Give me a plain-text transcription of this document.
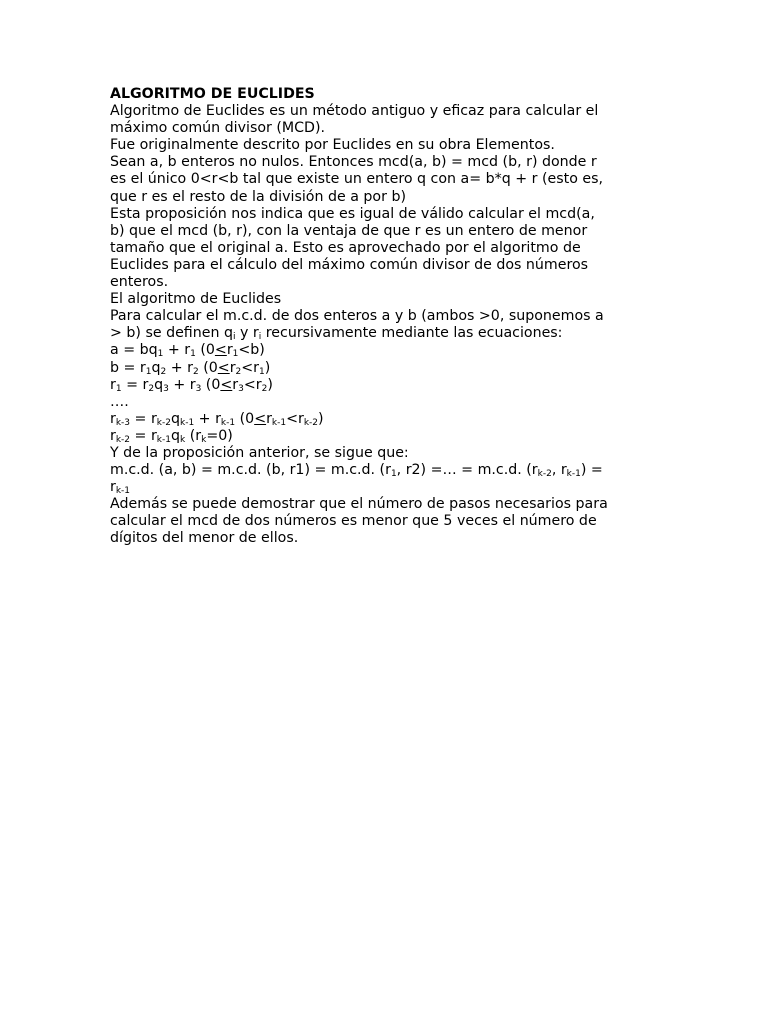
ALGORITMO DE EUCLIDES

Algoritmo de Euclides es un método antiguo y eficaz para calcular el

máximo común divisor (MCD).

Fue originalmente descrito por Euclides en su obra Elementos.

Sean a, b enteros no nulos. Entonces mcd(a, b) = mcd (b, r) donde r

es el único 0<r<b tal que existe un entero q con a= b*q + r (esto es,

que r es el resto de la división de a por b)

Esta proposición nos indica que es igual de válido calcular el mcd(a,

b) que el mcd (b, r), con la ventaja de que r es un entero de menor

tamaño que el original a. Esto es aprovechado por el algoritmo de

Euclides para el cálculo del máximo común divisor de dos números

enteros.

El algoritmo de Euclides

Para calcular el m.c.d. de dos enteros a y b (ambos >0, suponemos a

> b) se definen $q_i$ y $r_i$ recursivamente mediante las ecuaciones:

$a = bq_1 + r_1$ $(0<r_1<b)$

$b = r_1q_2 + r_2$ $(0<r_2<r_1)$

$r_1 = r_2q_3 + r_3$ $(0<r_3<r_2)$

….

$r_{k-3} = r_{k-2}q_{k-1} + r_{k-1}$ $(0<r_{k-1}<r_{k-2})$

$r_{k-2} = r_{k-1}q_k$ $(r_k=0)$

Y de la proposición anterior, se sigue que:

m.c.d. (a, b) = m.c.d. (b, r1) = m.c.d. ($r_1$, r2) =… = m.c.d. ($r_{k-2}$, $r_{k-1}$) =

$r_{k-1}$

Además se puede demostrar que el número de pasos necesarios para

calcular el mcd de dos números es menor que 5 veces el número de

dígitos del menor de ellos.
